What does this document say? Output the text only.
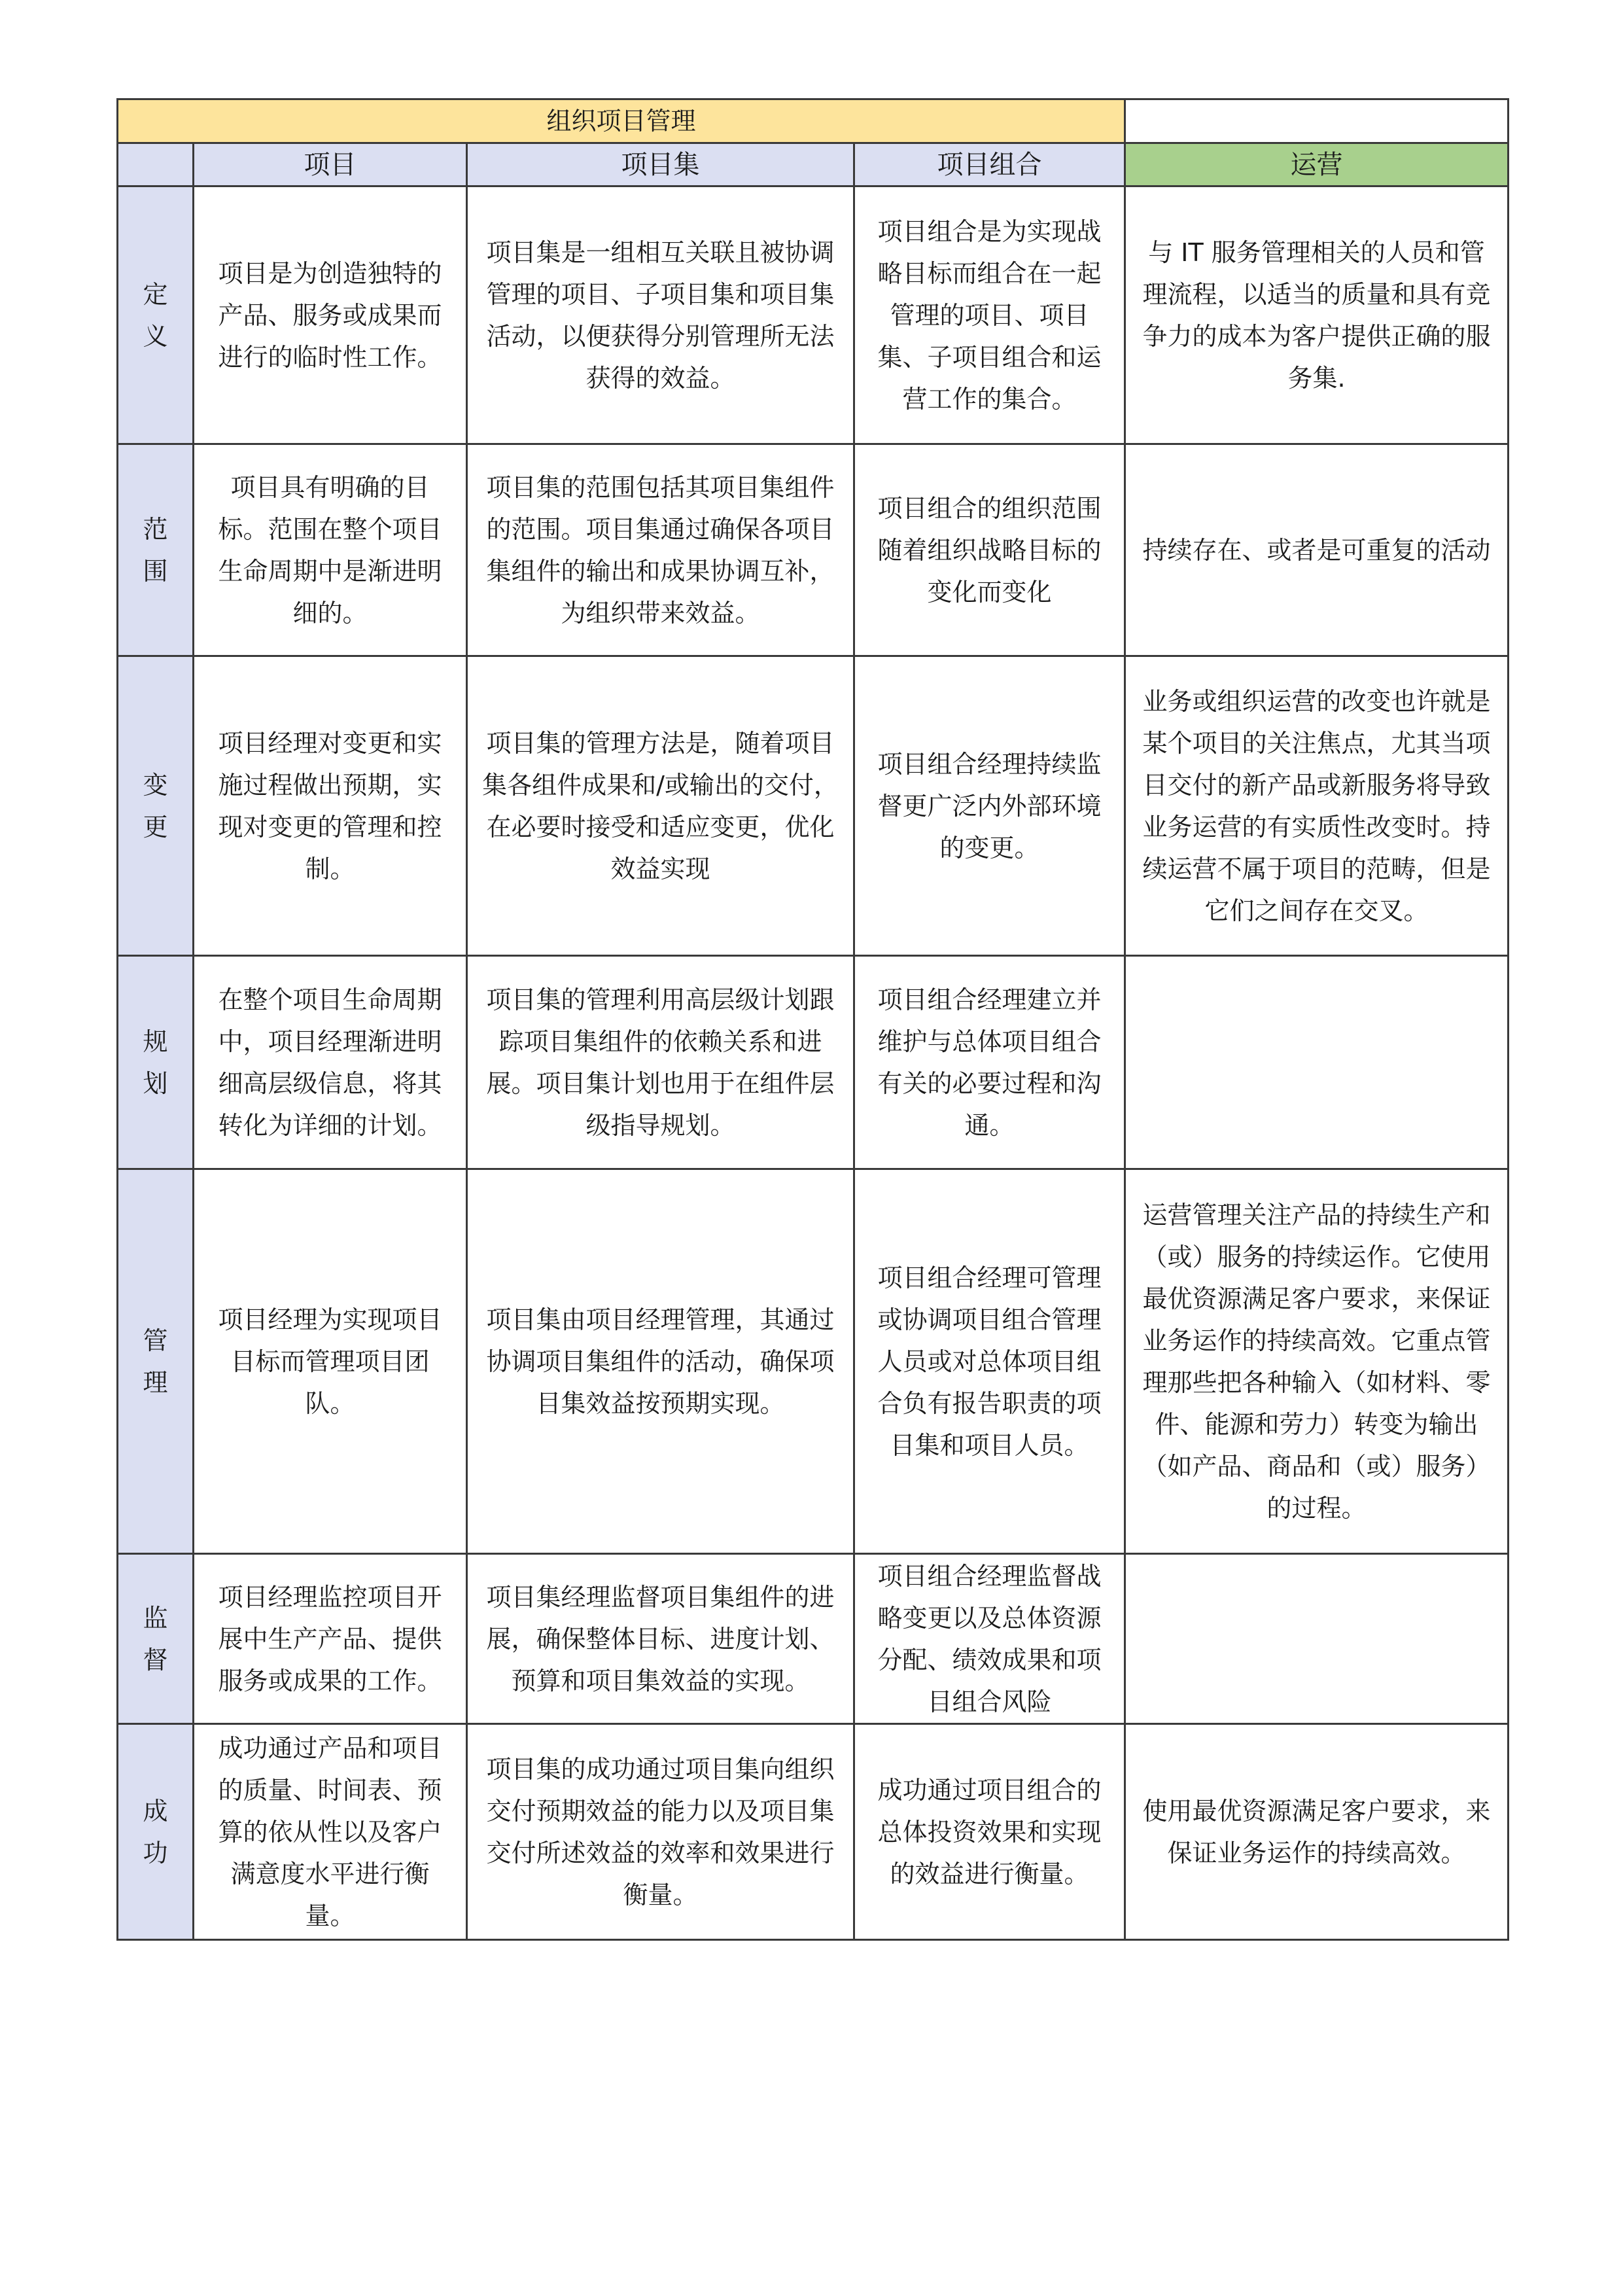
组织项目管理				
	项目	项目集	项目组合	运营

定
义	项目是为创造独特的产品、服务或成果而进行的临时性工作。	项目集是一组相互关联且被协调管理的项目、子项目集和项目集活动，以便获得分别管理所无法获得的效益。	项目组合是为实现战略目标而组合在一起管理的项目、项目集、子项目组合和运营工作的集合。	与 IT 服务管理相关的人员和管理流程，以适当的质量和具有竞争力的成本为客户提供正确的服务集.

范
围	项目具有明确的目标。范围在整个项目生命周期中是渐进明细的。	项目集的范围包括其项目集组件的范围。项目集通过确保各项目集组件的输出和成果协调互补，为组织带来效益。	项目组合的组织范围随着组织战略目标的变化而变化	持续存在、或者是可重复的活动

变
更	项目经理对变更和实施过程做出预期，实现对变更的管理和控制。	项目集的管理方法是，随着项目集各组件成果和/或输出的交付，在必要时接受和适应变更，优化效益实现	项目组合经理持续监督更广泛内外部环境的变更。	业务或组织运营的改变也许就是某个项目的关注焦点，尤其当项目交付的新产品或新服务将导致业务运营的有实质性改变时。持续运营不属于项目的范畴，但是它们之间存在交叉。

规
划	在整个项目生命周期中，项目经理渐进明细高层级信息，将其转化为详细的计划。	项目集的管理利用高层级计划跟踪项目集组件的依赖关系和进展。项目集计划也用于在组件层级指导规划。	项目组合经理建立并维护与总体项目组合有关的必要过程和沟通。	

管
理	项目经理为实现项目目标而管理项目团队。	项目集由项目经理管理，其通过协调项目集组件的活动，确保项目集效益按预期实现。	项目组合经理可管理或协调项目组合管理人员或对总体项目组合负有报告职责的项目集和项目人员。	运营管理关注产品的持续生产和（或）服务的持续运作。它使用最优资源满足客户要求，来保证业务运作的持续高效。它重点管理那些把各种输入（如材料、零件、能源和劳力）转变为输出（如产品、商品和（或）服务）的过程。

监
督	项目经理监控项目开展中生产产品、提供服务或成果的工作。	项目集经理监督项目集组件的进展，确保整体目标、进度计划、预算和项目集效益的实现。	项目组合经理监督战略变更以及总体资源分配、绩效成果和项目组合风险	

成
功	成功通过产品和项目的质量、时间表、预算的依从性以及客户满意度水平进行衡量。	项目集的成功通过项目集向组织交付预期效益的能力以及项目集交付所述效益的效率和效果进行衡量。	成功通过项目组合的总体投资效果和实现的效益进行衡量。	使用最优资源满足客户要求，来保证业务运作的持续高效。
